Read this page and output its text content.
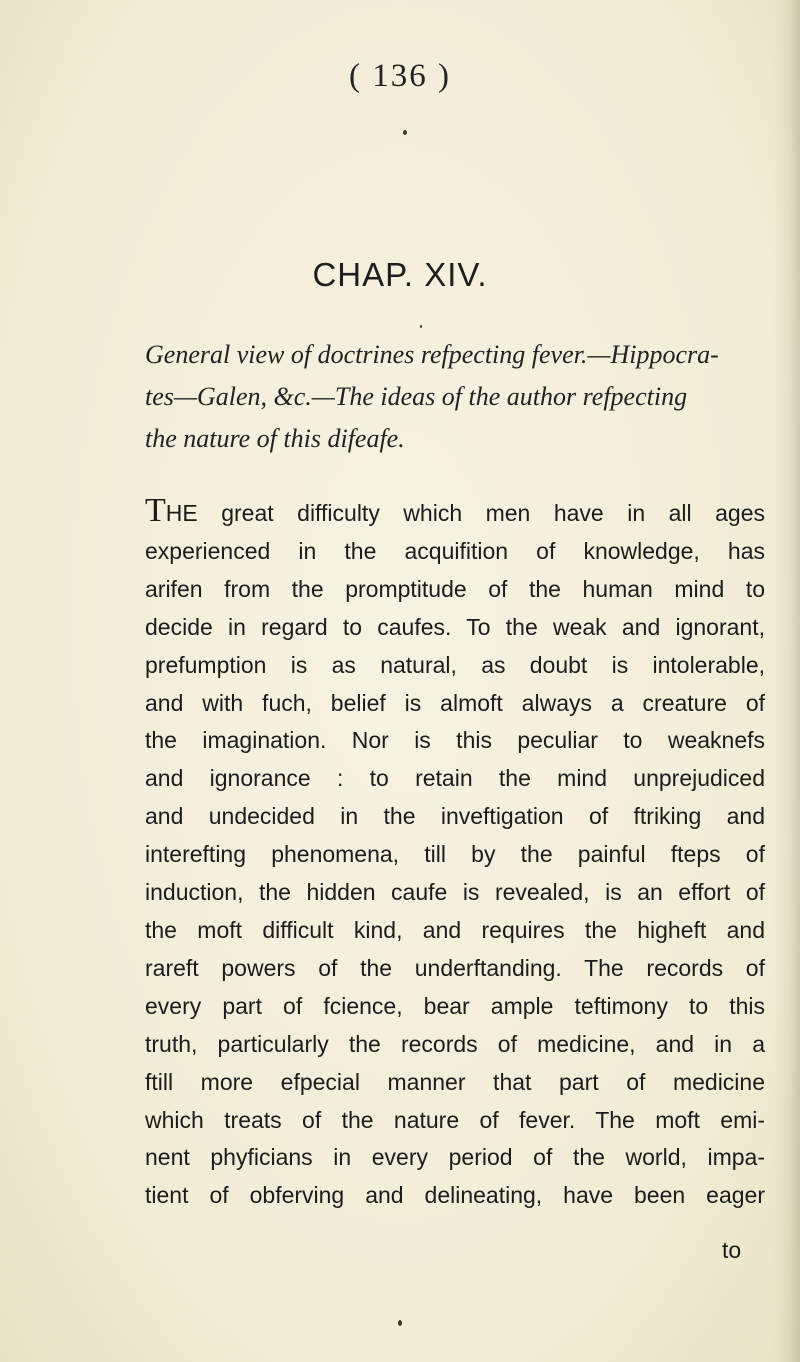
( 136 )
CHAP. XIV.
General view of doctrines refpecting fever.—Hippocra-
tes—Galen, &c.—The ideas of the author refpecting
the nature of this difeafe.
THE great difficulty which men have in all ages
experienced in the acquifition of knowledge, has
arifen from the promptitude of the human mind to
decide in regard to caufes. To the weak and ignorant,
prefumption is as natural, as doubt is intolerable,
and with fuch, belief is almoft always a creature of
the imagination. Nor is this peculiar to weaknefs
and ignorance : to retain the mind unprejudiced
and undecided in the inveftigation of ftriking and
interefting phenomena, till by the painful fteps of
induction, the hidden caufe is revealed, is an effort of
the moft difficult kind, and requires the higheft and
rareft powers of the underftanding. The records of
every part of fcience, bear ample teftimony to this
truth, particularly the records of medicine, and in a
ftill more efpecial manner that part of medicine
which treats of the nature of fever. The moft emi-
nent phyficians in every period of the world, impa-
tient of obferving and delineating, have been eager
to
